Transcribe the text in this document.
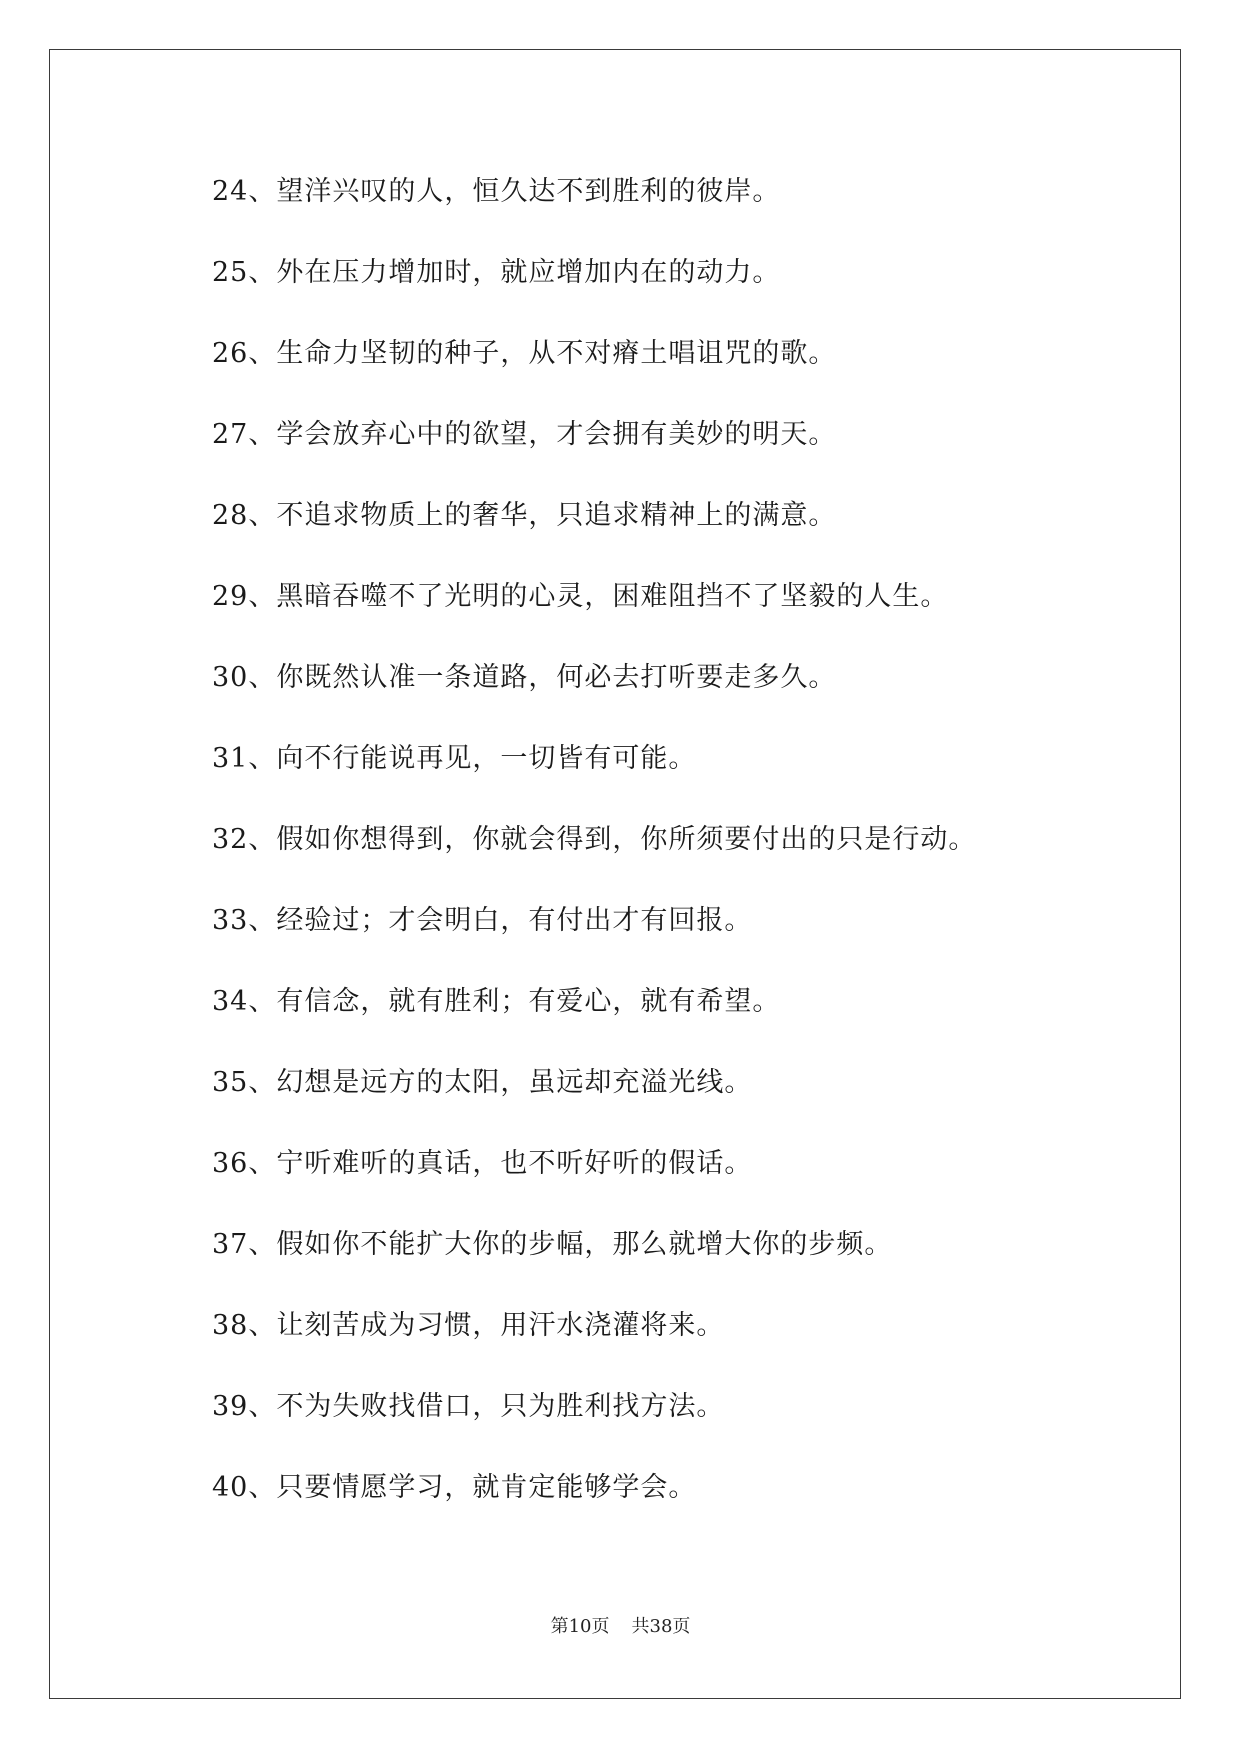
24、望洋兴叹的人，恒久达不到胜利的彼岸。
25、外在压力增加时，就应增加内在的动力。
26、生命力坚韧的种子，从不对瘠土唱诅咒的歌。
27、学会放弃心中的欲望，才会拥有美妙的明天。
28、不追求物质上的奢华，只追求精神上的满意。
29、黑暗吞噬不了光明的心灵，困难阻挡不了坚毅的人生。
30、你既然认准一条道路，何必去打听要走多久。
31、向不行能说再见，一切皆有可能。
32、假如你想得到，你就会得到，你所须要付出的只是行动。
33、经验过；才会明白，有付出才有回报。
34、有信念，就有胜利；有爱心，就有希望。
35、幻想是远方的太阳，虽远却充溢光线。
36、宁听难听的真话，也不听好听的假话。
37、假如你不能扩大你的步幅，那么就增大你的步频。
38、让刻苦成为习惯，用汗水浇灌将来。
39、不为失败找借口，只为胜利找方法。
40、只要情愿学习，就肯定能够学会。
第10页 共38页
